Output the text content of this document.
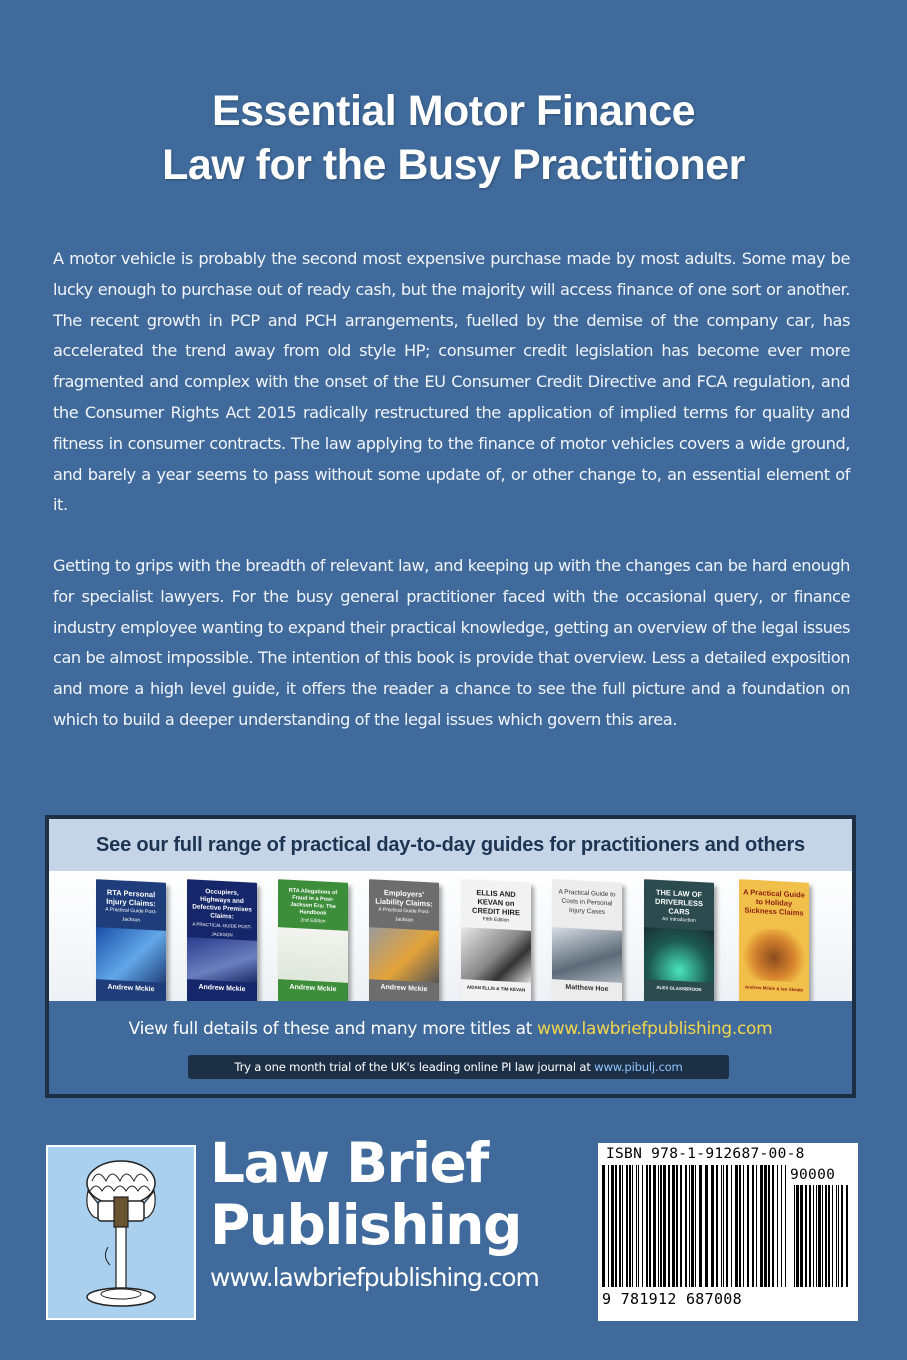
Essential Motor Finance
Law for the Busy Practitioner

A motor vehicle is probably the second most expensive purchase made by most adults. Some may be lucky enough to purchase out of ready cash, but the majority will access finance of one sort or another. The recent growth in PCP and PCH arrangements, fuelled by the demise of the company car, has accelerated the trend away from old style HP; consumer credit legislation has become ever more fragmented and complex with the onset of the EU Consumer Credit Directive and FCA regulation, and the Consumer Rights Act 2015 radically restructured the application of implied terms for quality and fitness in consumer contracts. The law applying to the finance of motor vehicles covers a wide ground, and barely a year seems to pass without some update of, or other change to, an essential element of it.

Getting to grips with the breadth of relevant law, and keeping up with the changes can be hard enough for specialist lawyers. For the busy general practitioner faced with the occasional query, or finance industry employee wanting to expand their practical knowledge, getting an overview of the legal issues can be almost impossible. The intention of this book is provide that overview. Less a detailed exposition and more a high level guide, it offers the reader a chance to see the full picture and a foundation on which to build a deeper understanding of the legal issues which govern this area.

See our full range of practical day-to-day guides for practitioners and others
RTA Personal Injury Claims:
A Practical Guide Post-Jackson
Andrew Mckie
Occupiers, Highways and Defective Premises Claims:
A PRACTICAL GUIDE POST-JACKSON
Andrew Mckie
RTA Allegations of Fraud in a Post-Jackson Era: The Handbook
2nd Edition
Andrew Mckie
Employers' Liability Claims:
A Practical Guide Post-Jackson
Andrew Mckie
ELLIS AND KEVAN on CREDIT HIRE
Fifth Edition
AIDAN ELLIS & TIM KEVAN
A Practical Guide to Costs in Personal Injury Cases
Matthew Hoe
THE LAW OF DRIVERLESS CARS
An Introduction
ALEX GLASSBROOK
A Practical Guide to Holiday Sickness Claims
Andrew Mckie & Ian Skeate
View full details of these and many more titles at www.lawbriefpublishing.com
Try a one month trial of the UK's leading online PI law journal at www.pibulj.com
Law Brief
Publishing
www.lawbriefpublishing.com
ISBN 978-1-912687-00-8
90000
9 781912 687008
